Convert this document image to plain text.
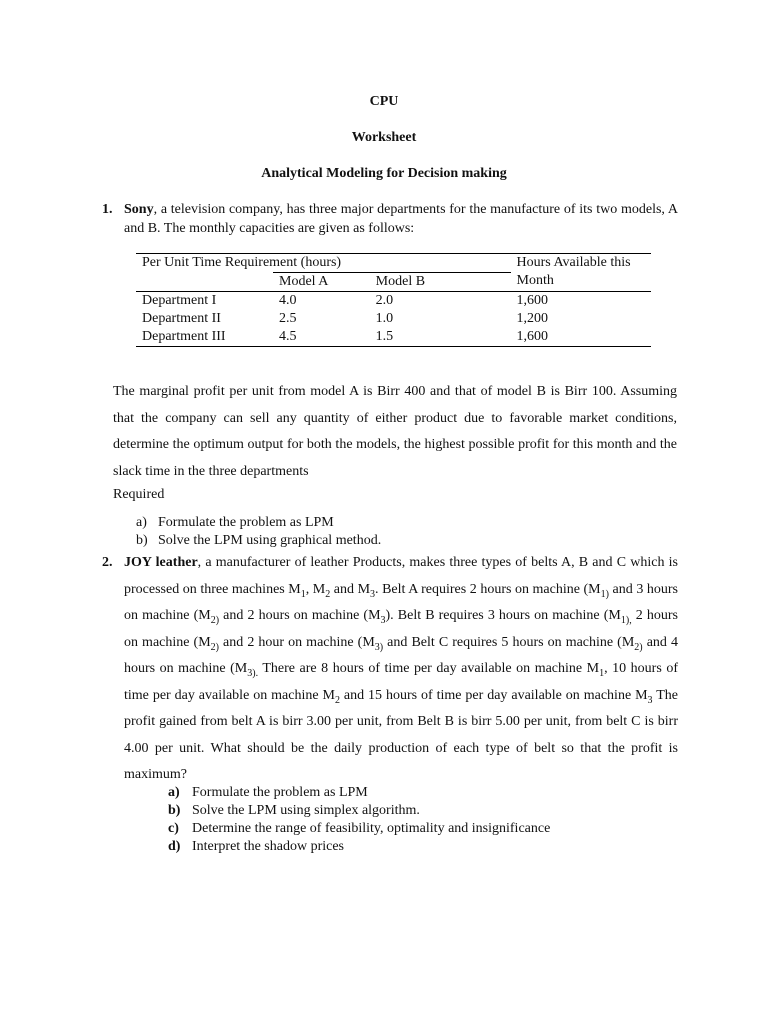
CPU
Worksheet
Analytical Modeling for Decision making
1. Sony, a television company, has three major departments for the manufacture of its two models, A and B. The monthly capacities are given as follows:
Per Unit Time Requirement (hours)			Hours Available this Month
	Model A	Model B	
Department I	4.0	2.0	1,600
Department II	2.5	1.0	1,200
Department III	4.5	1.5	1,600
The marginal profit per unit from model A is Birr 400 and that of model B is Birr 100. Assuming that the company can sell any quantity of either product due to favorable market conditions, determine the optimum output for both the models, the highest possible profit for this month and the slack time in the three departments
Required
a) Formulate the problem as LPM
b) Solve the LPM using graphical method.
2. JOY leather, a manufacturer of leather Products, makes three types of belts A, B and C which is processed on three machines $M_1$, $M_2$ and $M_3$. Belt A requires 2 hours on machine ($M_{1)}$ and 3 hours on machine ($M_{2)}$ and 2 hours on machine $(M_3)$. Belt B requires 3 hours on machine ($M_{1),}$ 2 hours on machine ($M_{2)}$ and 2 hour on machine ($M_{3)}$ and Belt C requires 5 hours on machine ($M_{2)}$ and 4 hours on machine ($M_{3).}$ There are 8 hours of time per day available on machine $M_1$, 10 hours of time per day available on machine $M_2$ and 15 hours of time per day available on machine $M_3$ The profit gained from belt A is birr 3.00 per unit, from Belt B is birr 5.00 per unit, from belt C is birr 4.00 per unit. What should be the daily production of each type of belt so that the profit is maximum?
a) Formulate the problem as LPM
b) Solve the LPM using simplex algorithm.
c) Determine the range of feasibility, optimality and insignificance
d) Interpret the shadow prices
